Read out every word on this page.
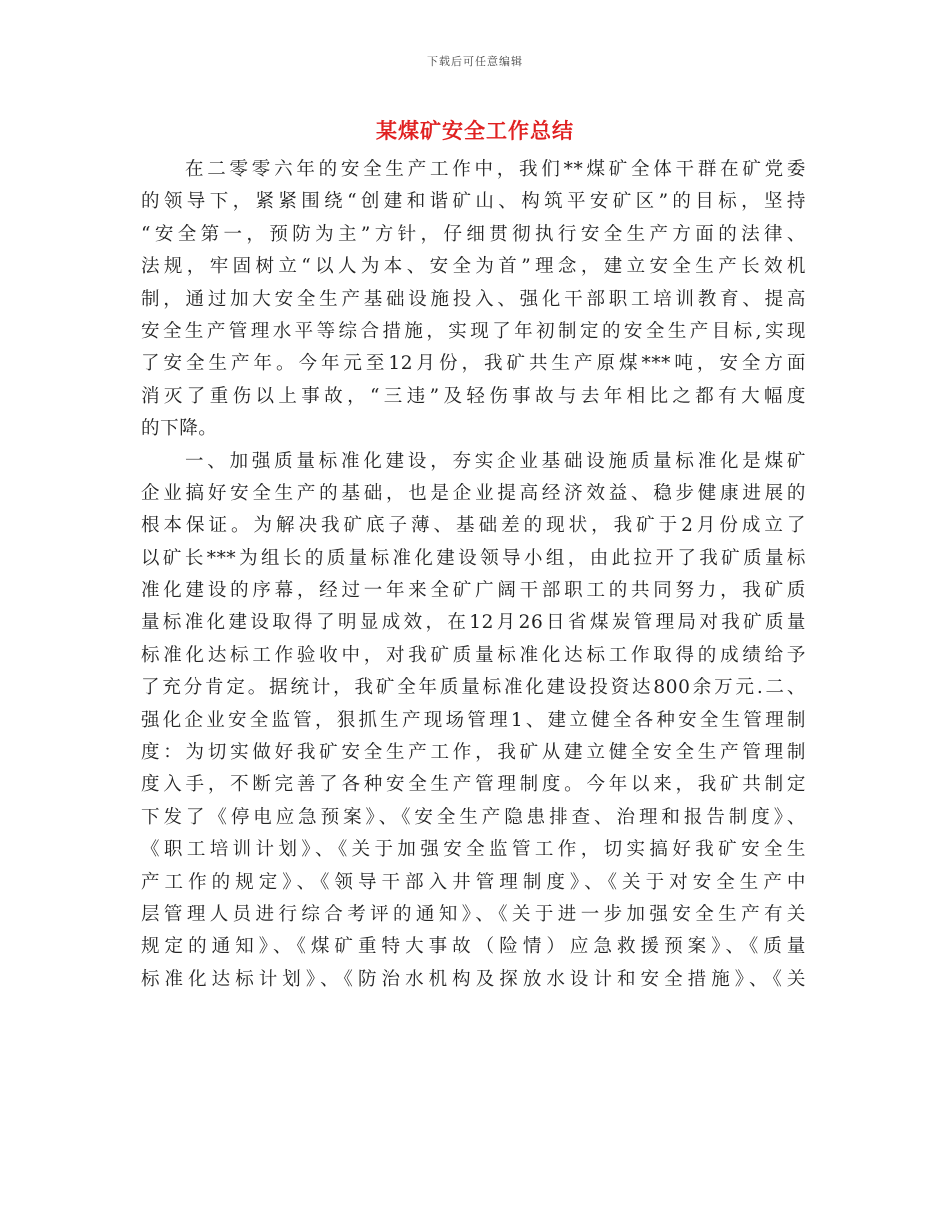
下载后可任意编辑
某煤矿安全工作总结
在二零零六年的安全生产工作中，我们**煤矿全体干群在矿党委
的领导下，紧紧围绕“创建和谐矿山、构筑平安矿区”的目标，坚持
“安全第一，预防为主”方针，仔细贯彻执行安全生产方面的法律、
法规，牢固树立“以人为本、安全为首”理念，建立安全生产长效机
制，通过加大安全生产基础设施投入、强化干部职工培训教育、提高
安全生产管理水平等综合措施，实现了年初制定的安全生产目标,实现
了安全生产年。今年元至12月份，我矿共生产原煤***吨，安全方面
消灭了重伤以上事故，“三违”及轻伤事故与去年相比之都有大幅度
的下降。
一、加强质量标准化建设，夯实企业基础设施质量标准化是煤矿
企业搞好安全生产的基础，也是企业提高经济效益、稳步健康进展的
根本保证。为解决我矿底子薄、基础差的现状，我矿于2月份成立了
以矿长***为组长的质量标准化建设领导小组，由此拉开了我矿质量标
准化建设的序幕，经过一年来全矿广阔干部职工的共同努力，我矿质
量标准化建设取得了明显成效，在12月26日省煤炭管理局对我矿质量
标准化达标工作验收中，对我矿质量标准化达标工作取得的成绩给予
了充分肯定。据统计，我矿全年质量标准化建设投资达800余万元.二、
强化企业安全监管，狠抓生产现场管理1、建立健全各种安全生管理制
度：为切实做好我矿安全生产工作，我矿从建立健全安全生产管理制
度入手，不断完善了各种安全生产管理制度。今年以来，我矿共制定
下发了《停电应急预案》、《安全生产隐患排查、治理和报告制度》、
《职工培训计划》、《关于加强安全监管工作，切实搞好我矿安全生
产工作的规定》、《领导干部入井管理制度》、《关于对安全生产中
层管理人员进行综合考评的通知》、《关于进一步加强安全生产有关
规定的通知》、《煤矿重特大事故（险情）应急救援预案》、《质量
标准化达标计划》、《防治水机构及探放水设计和安全措施》、《关
